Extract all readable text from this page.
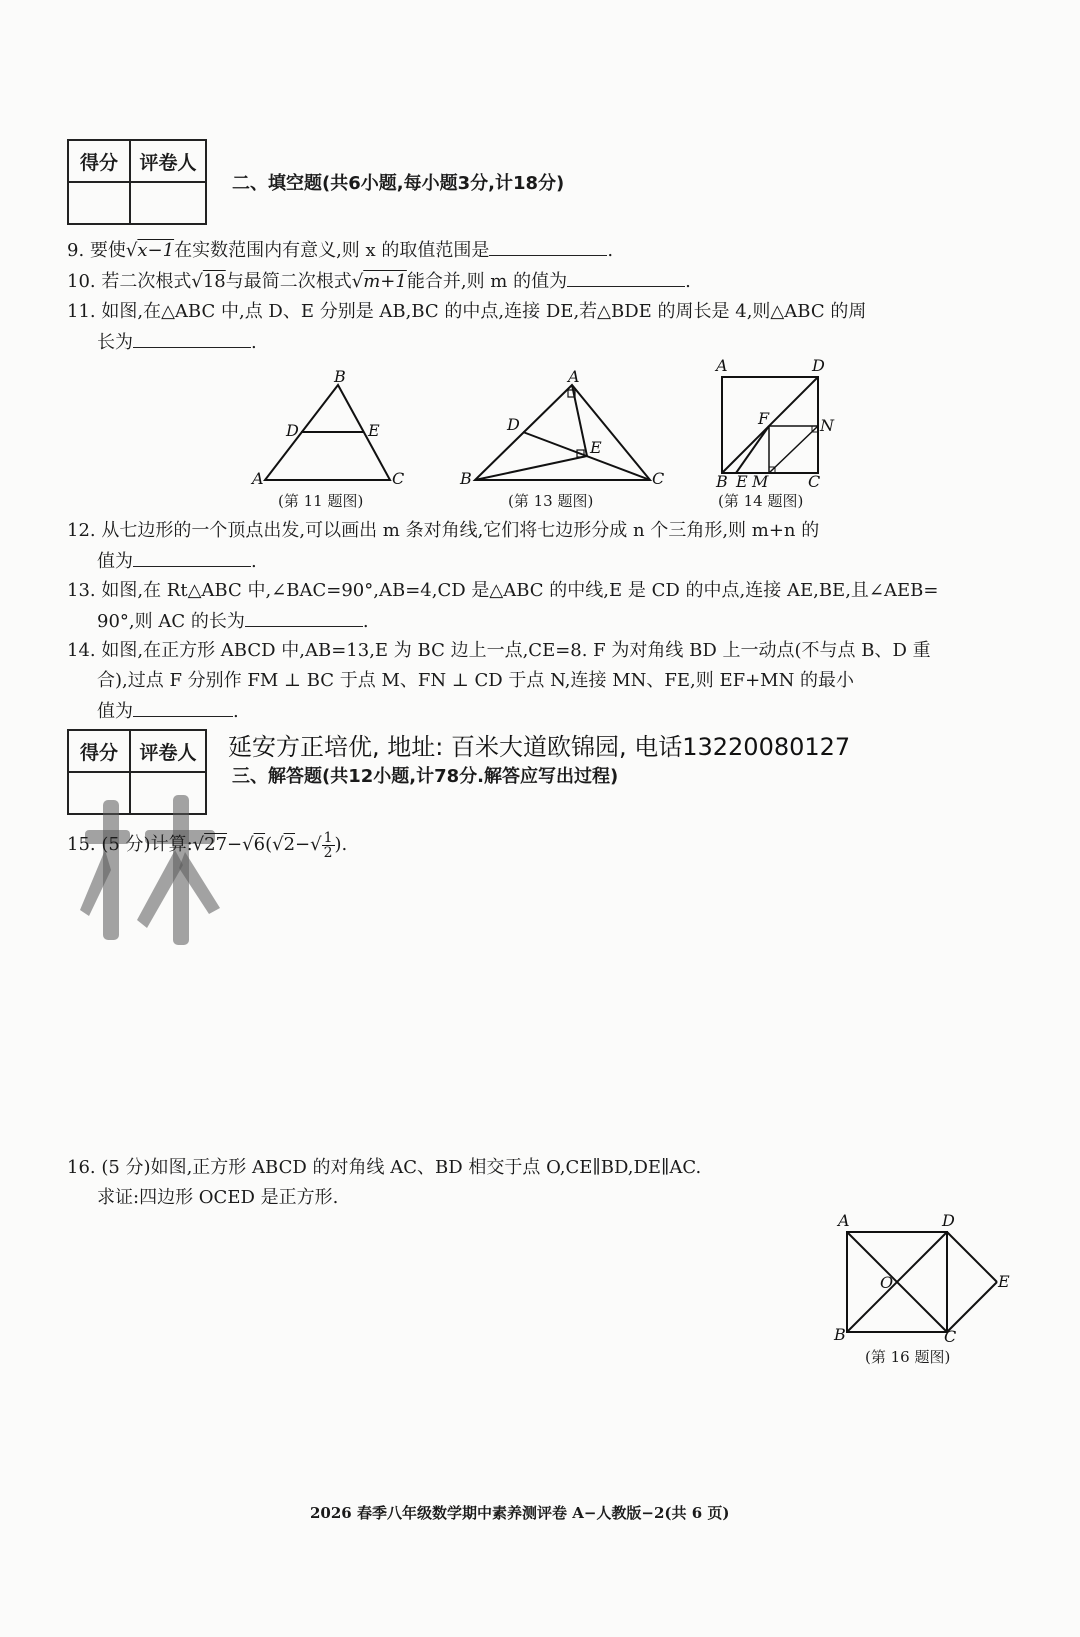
得分	评卷人

二、填空题(共6小题,每小题3分,计18分)
9. 要使√x−1在实数范围内有意义,则 x 的取值范围是	.
10. 若二次根式√18与最简二次根式√m+1能合并,则 m 的值为	.
11. 如图,在△ABC 中,点 D、E 分别是 AB,BC 的中点,连接 DE,若△BDE 的周长是 4,则△ABC 的周
长为	.
B
D	E
A	C
(第 11 题图)
A
D
E
B	C
(第 13 题图)
A	D
F	N
B E M C
(第 14 题图)
12. 从七边形的一个顶点出发,可以画出 m 条对角线,它们将七边形分成 n 个三角形,则 m+n 的
值为	.
13. 如图,在 Rt△ABC 中,∠BAC=90°,AB=4,CD 是△ABC 的中线,E 是 CD 的中点,连接 AE,BE,且∠AEB=
90°,则 AC 的长为	.
14. 如图,在正方形 ABCD 中,AB=13,E 为 BC 边上一点,CE=8. F 为对角线 BD 上一动点(不与点 B、D 重
合),过点 F 分别作 FM ⊥ BC 于点 M、FN ⊥ CD 于点 N,连接 MN、FE,则 EF+MN 的最小
值为	.
得分	评卷人
	延安方正培优, 地址: 百米大道欧锦园, 电话13220080127
三、解答题(共12小题,计78分.解答应写出过程)
15. (5 分)计算:√27−√6(√2−√ $\frac{1}{2}$ ).
16. (5 分)如图,正方形 ABCD 的对角线 AC、BD 相交于点 O,CE∥BD,DE∥AC.
求证:四边形 OCED 是正方形.
A	D
O	E
B	C
(第 16 题图)
2026 春季八年级数学期中素养测评卷 A−人教版−2(共 6 页)
